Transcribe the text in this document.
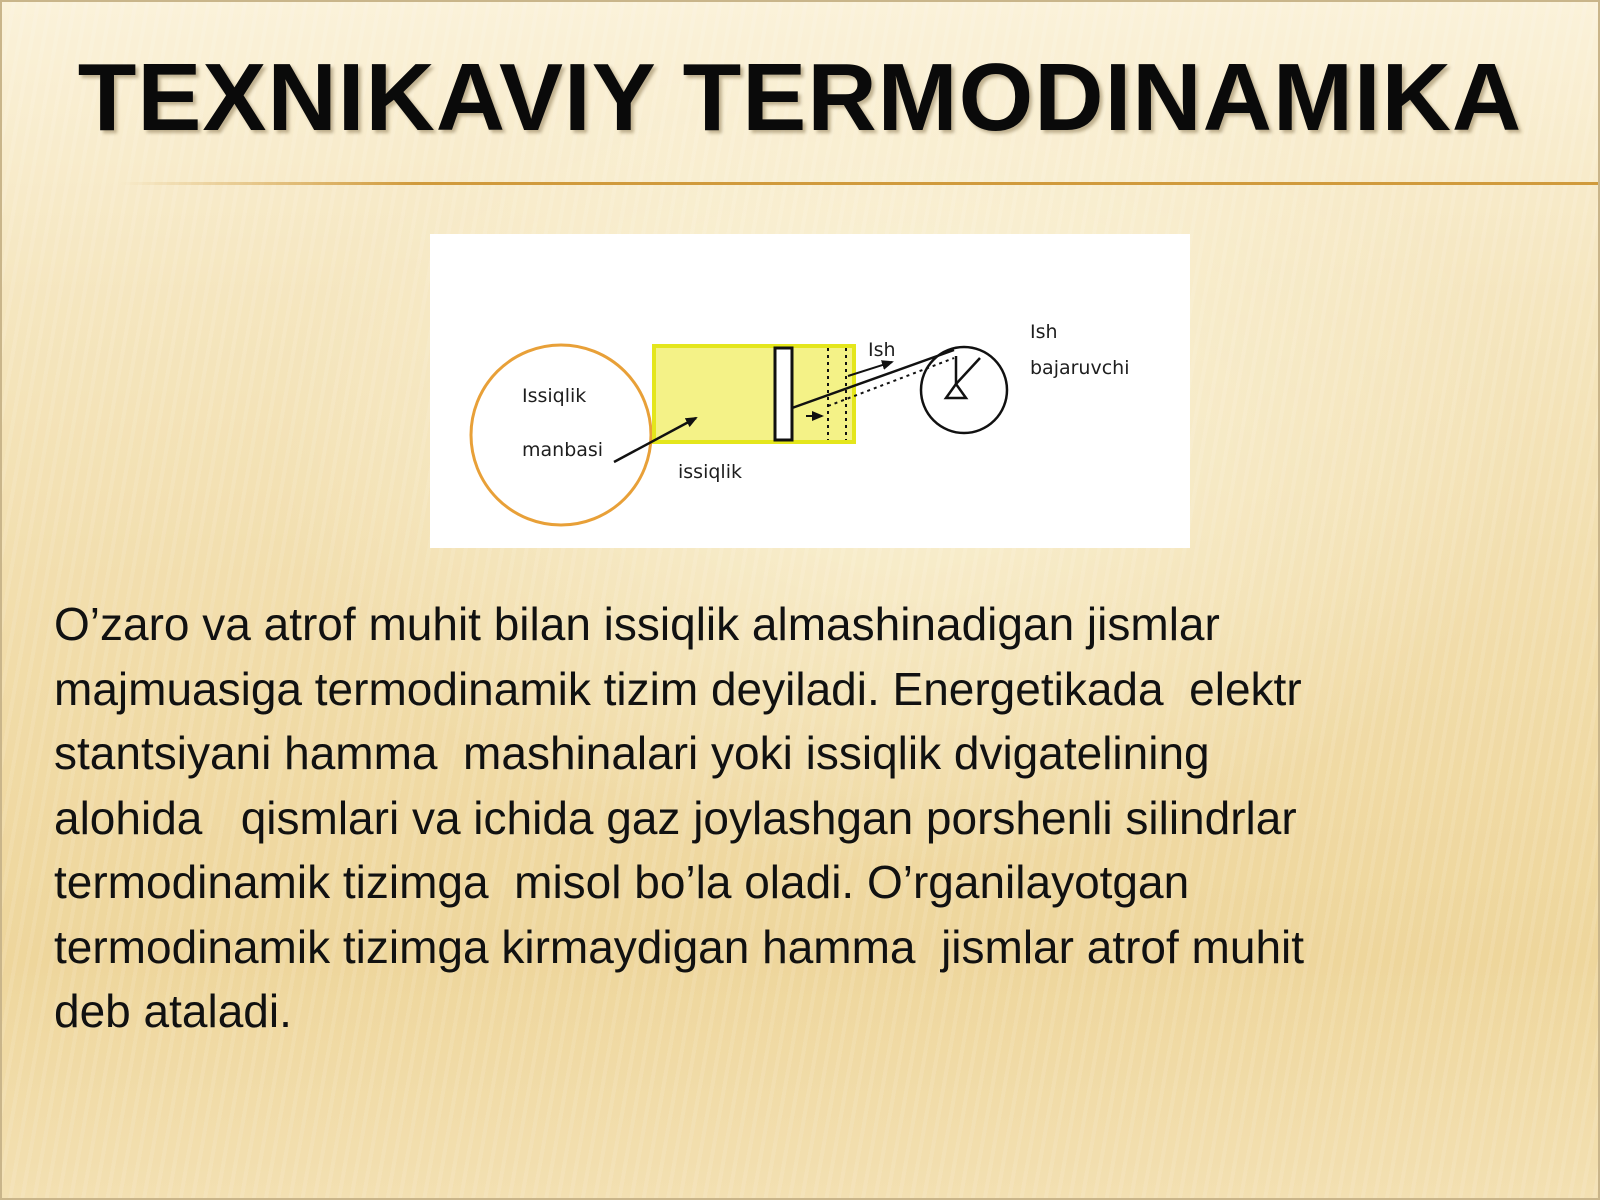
TEXNIKAVIY TERMODINAMIKA
Issiqlik
manbasi
issiqlik
Ish
Ish
bajaruvchi
O’zaro va atrof muhit bilan issiqlik almashinadigan jismlar
majmuasiga termodinamik tizim deyiladi. Energetikada  elektr
stantsiyani hamma  mashinalari yoki issiqlik dvigatelining
alohida   qismlari va ichida gaz joylashgan porshenli silindrlar
termodinamik tizimga  misol bo’la oladi. O’rganilayotgan
termodinamik tizimga kirmaydigan hamma  jismlar atrof muhit
deb ataladi.
